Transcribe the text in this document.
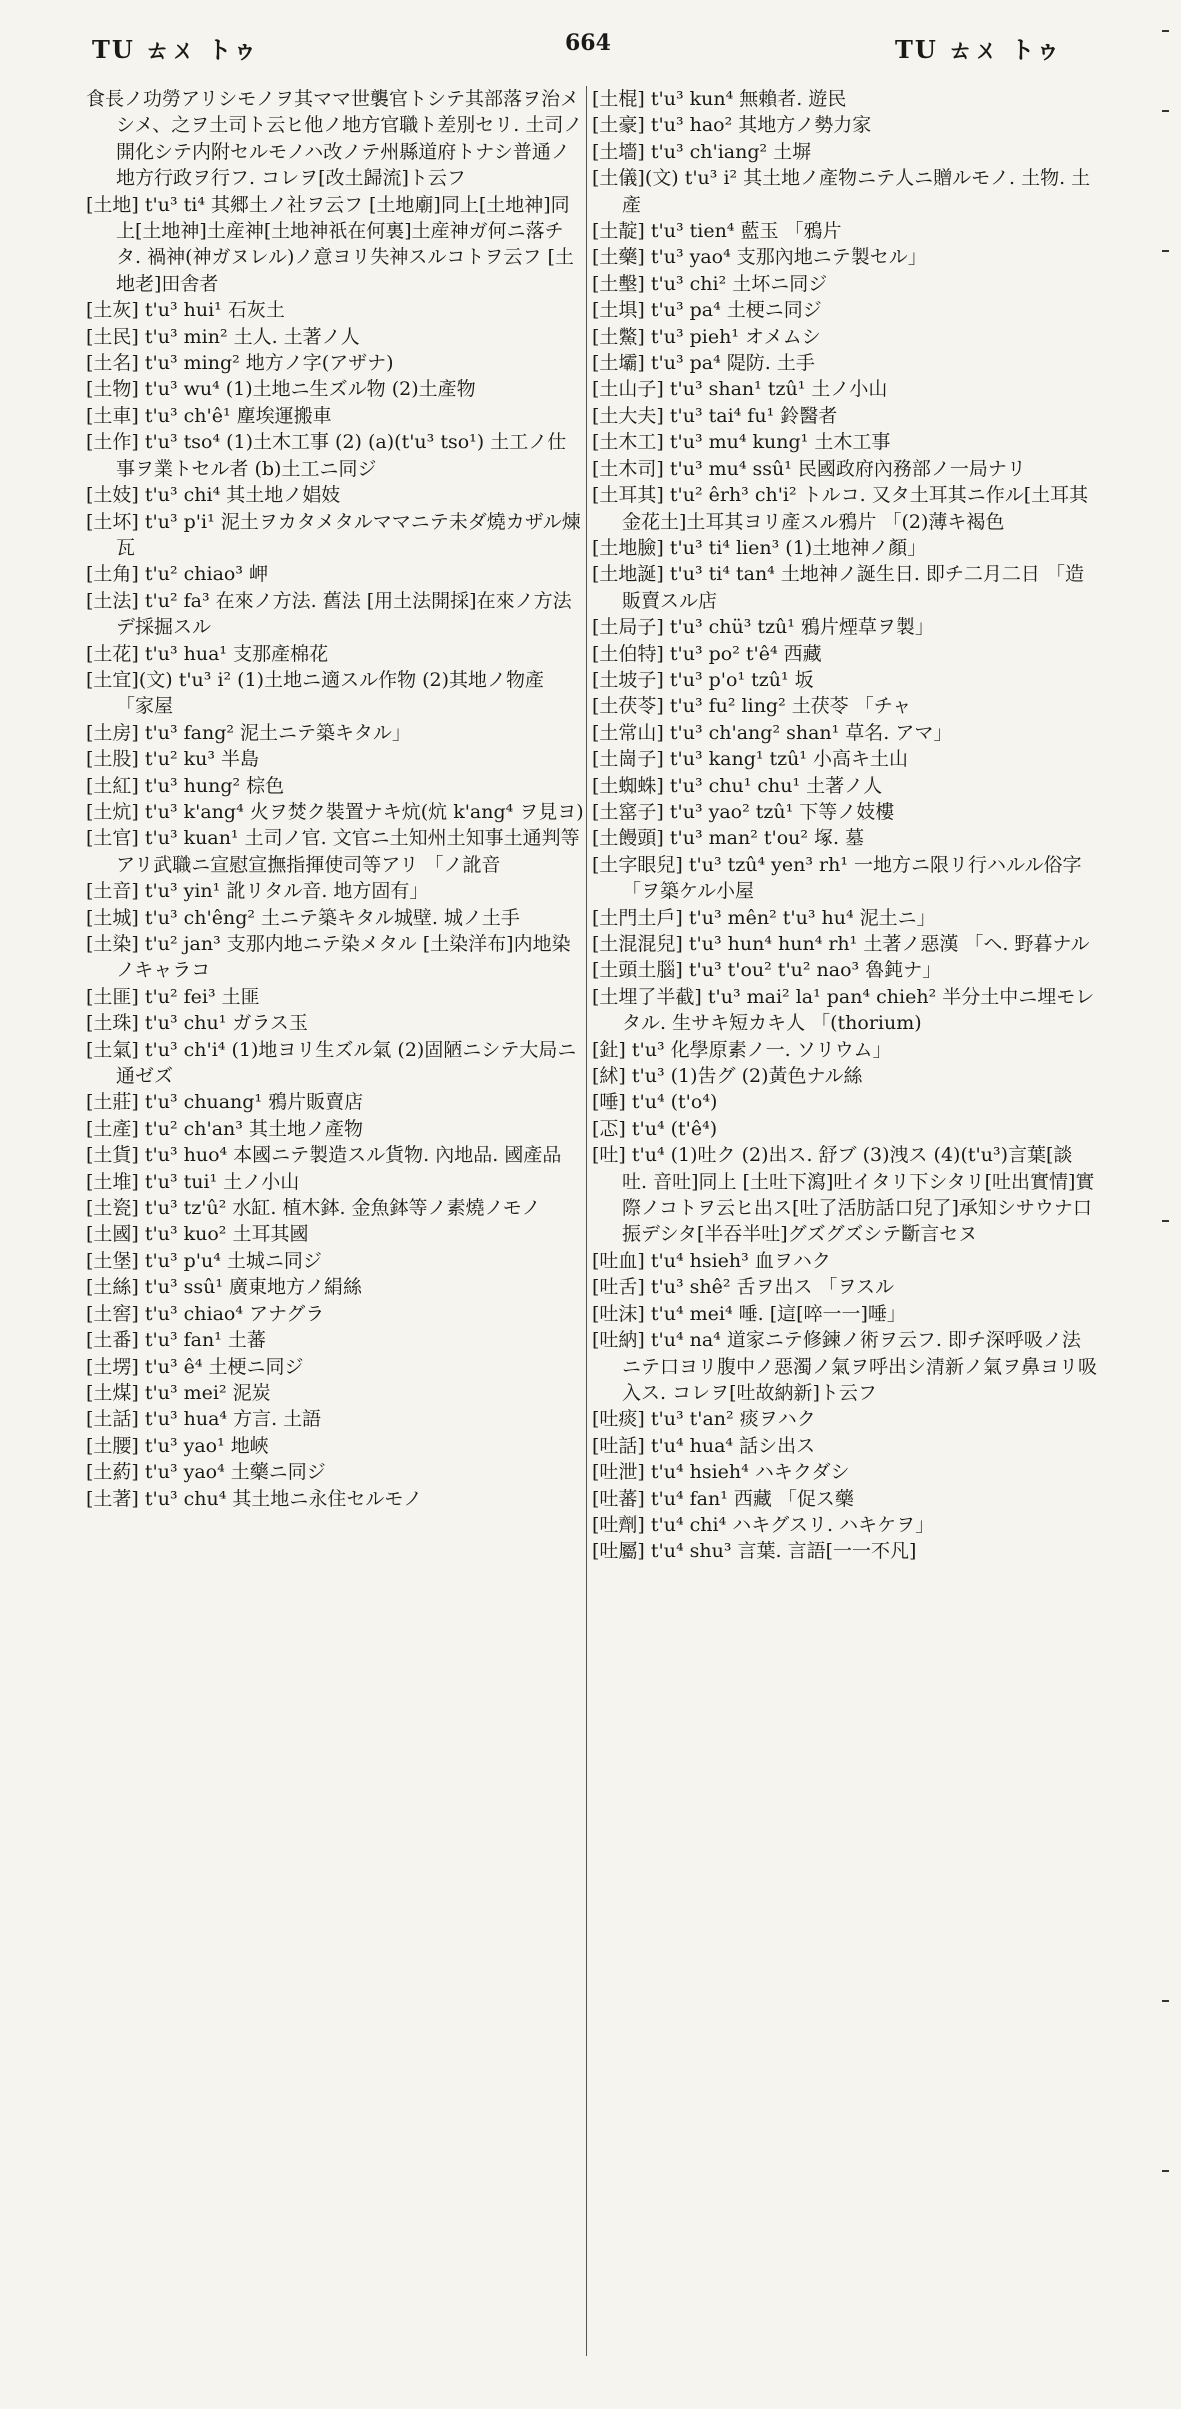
TU ㄊㄨ トゥ	664	TU ㄊㄨ トゥ

食長ノ功勞アリシモノヲ其ママ世襲官トシテ其部落ヲ治メシメ、之ヲ土司ト云ヒ他ノ地方官職ト差別セリ. 土司ノ開化シテ内附セルモノハ改ノテ州縣道府トナシ普通ノ地方行政ヲ行フ. コレヲ[改土歸流]ト云フ

[土地] t'u³ ti⁴ 其郷土ノ社ヲ云フ [土地廟]同上[土地神]同上[土地神]土産神[土地神祇在何裏]土産神ガ何ニ落チタ. 禍神(神ガヌレル)ノ意ヨリ失神スルコトヲ云フ [土地老]田舎者

[土灰] t'u³ hui¹ 石灰土

[土民] t'u³ min² 土人. 土著ノ人

[土名] t'u³ ming² 地方ノ字(アザナ)

[土物] t'u³ wu⁴ (1)土地ニ生ズル物 (2)土產物

[土車] t'u³ ch'ê¹ 塵埃運搬車

[土作] t'u³ tso⁴ (1)土木工事 (2) (a)(t'u³ tso¹) 土工ノ仕事ヲ業トセル者 (b)土工ニ同ジ

[土妓] t'u³ chi⁴ 其土地ノ娼妓

[土坏] t'u³ p'i¹ 泥土ヲカタメタルママニテ未ダ燒カザル煉瓦

[土角] t'u² chiao³ 岬

[土法] t'u² fa³ 在來ノ方法. 舊法 [用土法開採]在來ノ方法デ採掘スル

[土花] t'u³ hua¹ 支那產棉花

[土宜](文) t'u³ i² (1)土地ニ適スル作物 (2)其地ノ物產 「家屋

[土房] t'u³ fang² 泥土ニテ築キタル」

[土股] t'u² ku³ 半島

[土紅] t'u³ hung² 棕色

[土炕] t'u³ k'ang⁴ 火ヲ焚ク裝置ナキ炕(炕 k'ang⁴ ヲ見ヨ)

[土官] t'u³ kuan¹ 土司ノ官. 文官ニ土知州土知事土通判等アリ武職ニ宣慰宣撫指揮使司等アリ 「ノ訛音

[土音] t'u³ yin¹ 訛リタル音. 地方固有」

[土城] t'u³ ch'êng² 土ニテ築キタル城壁. 城ノ土手

[土染] t'u² jan³ 支那内地ニテ染メタル [土染洋布]内地染ノキャラコ

[土匪] t'u² fei³ 土匪

[土珠] t'u³ chu¹ ガラス玉

[土氣] t'u³ ch'i⁴ (1)地ヨリ生ズル氣 (2)固陋ニシテ大局ニ通ゼズ

[土莊] t'u³ chuang¹ 鴉片販賣店

[土產] t'u² ch'an³ 其土地ノ產物

[土貨] t'u³ huo⁴ 本國ニテ製造スル貨物. 內地品. 國產品

[土堆] t'u³ tui¹ 土ノ小山

[土瓷] t'u³ tz'û² 水缸. 植木鉢. 金魚鉢等ノ素燒ノモノ

[土國] t'u³ kuo² 土耳其國

[土堡] t'u³ p'u⁴ 土城ニ同ジ

[土絲] t'u³ ssû¹ 廣東地方ノ絹絲

[土窖] t'u³ chiao⁴ アナグラ

[土番] t'u³ fan¹ 土蕃

[土塄] t'u³ ê⁴ 土梗ニ同ジ

[土煤] t'u³ mei² 泥炭

[土話] t'u³ hua⁴ 方言. 土語

[土腰] t'u³ yao¹ 地峽

[土葯] t'u³ yao⁴ 土藥ニ同ジ

[土著] t'u³ chu⁴ 其土地ニ永住セルモノ

[土棍] t'u³ kun⁴ 無賴者. 遊民

[土豪] t'u³ hao² 其地方ノ勢力家

[土墻] t'u³ ch'iang² 土塀

[土儀](文) t'u³ i² 其土地ノ產物ニテ人ニ贈ルモノ. 土物. 土產

[土靛] t'u³ tien⁴ 藍玉 「鴉片

[土藥] t'u³ yao⁴ 支那內地ニテ製セル」

[土墼] t'u³ chi² 土坏ニ同ジ

[土埧] t'u³ pa⁴ 土梗ニ同ジ

[土鱉] t'u³ pieh¹ オメムシ

[土壩] t'u³ pa⁴ 隄防. 土手

[土山子] t'u³ shan¹ tzû¹ 土ノ小山

[土大夫] t'u³ tai⁴ fu¹ 鈴醫者

[土木工] t'u³ mu⁴ kung¹ 土木工事

[土木司] t'u³ mu⁴ ssû¹ 民國政府內務部ノ一局ナリ

[土耳其] t'u² êrh³ ch'i² トルコ. 又タ土耳其ニ作ル[土耳其金花土]土耳其ヨリ產スル鴉片 「(2)薄キ褐色

[土地臉] t'u³ ti⁴ lien³ (1)土地神ノ顏」

[土地誕] t'u³ ti⁴ tan⁴ 土地神ノ誕生日. 即チ二月二日 「造販賣スル店

[土局子] t'u³ chü³ tzû¹ 鴉片煙草ヲ製」

[土伯特] t'u³ po² t'ê⁴ 西藏

[土坡子] t'u³ p'o¹ tzû¹ 坂

[土茯苓] t'u³ fu² ling² 土茯苓 「チャ

[土常山] t'u³ ch'ang² shan¹ 草名. アマ」

[土崗子] t'u³ kang¹ tzû¹ 小高キ土山

[土蜘蛛] t'u³ chu¹ chu¹ 土著ノ人

[土窰子] t'u³ yao² tzû¹ 下等ノ妓樓

[土饅頭] t'u³ man² t'ou² 塚. 墓

[土字眼兒] t'u³ tzû⁴ yen³ rh¹ 一地方ニ限リ行ハルル俗字 「ヲ築ケル小屋

[土門土戶] t'u³ mên² t'u³ hu⁴ 泥土ニ」

[土混混兒] t'u³ hun⁴ hun⁴ rh¹ 土著ノ惡漢 「ヘ. 野暮ナル

[土頭土腦] t'u³ t'ou² t'u² nao³ 魯鈍ナ」

[土埋了半截] t'u³ mai² la¹ pan⁴ chieh² 半分土中ニ埋モレタル. 生サキ短カキ人 「(thorium)

[釷] t'u³ 化學原素ノ一. ソリウム」

[絉] t'u³ (1)吿グ (2)黃色ナル絲

[唾] t'u⁴ (t'o⁴)

[忑] t'u⁴ (t'ê⁴)

[吐] t'u⁴ (1)吐ク (2)出ス. 舒ブ (3)洩ス (4)(t'u³)言葉[談吐. 音吐]同上 [土吐下瀉]吐イタリ下シタリ[吐出實情]實際ノコトヲ云ヒ出ス[吐了活肪話口兒了]承知シサウナ口振デシタ[半吞半吐]グズグズシテ斷言セヌ

[吐血] t'u⁴ hsieh³ 血ヲハク

[吐舌] t'u³ shê² 舌ヲ出ス 「ヲスル

[吐沫] t'u⁴ mei⁴ 唾. [這[啐一一]唾」

[吐納] t'u⁴ na⁴ 道家ニテ修鍊ノ術ヲ云フ. 即チ深呼吸ノ法ニテ口ヨリ腹中ノ惡濁ノ氣ヲ呼出シ清新ノ氣ヲ鼻ヨリ吸入ス. コレヲ[吐故納新]ト云フ

[吐痰] t'u³ t'an² 痰ヲハク

[吐話] t'u⁴ hua⁴ 話シ出ス

[吐泄] t'u⁴ hsieh⁴ ハキクダシ

[吐蕃] t'u⁴ fan¹ 西藏 「促ス藥

[吐劑] t'u⁴ chi⁴ ハキグスリ. ハキケヲ」

[吐屬] t'u⁴ shu³ 言葉. 言語[一一不凡]
